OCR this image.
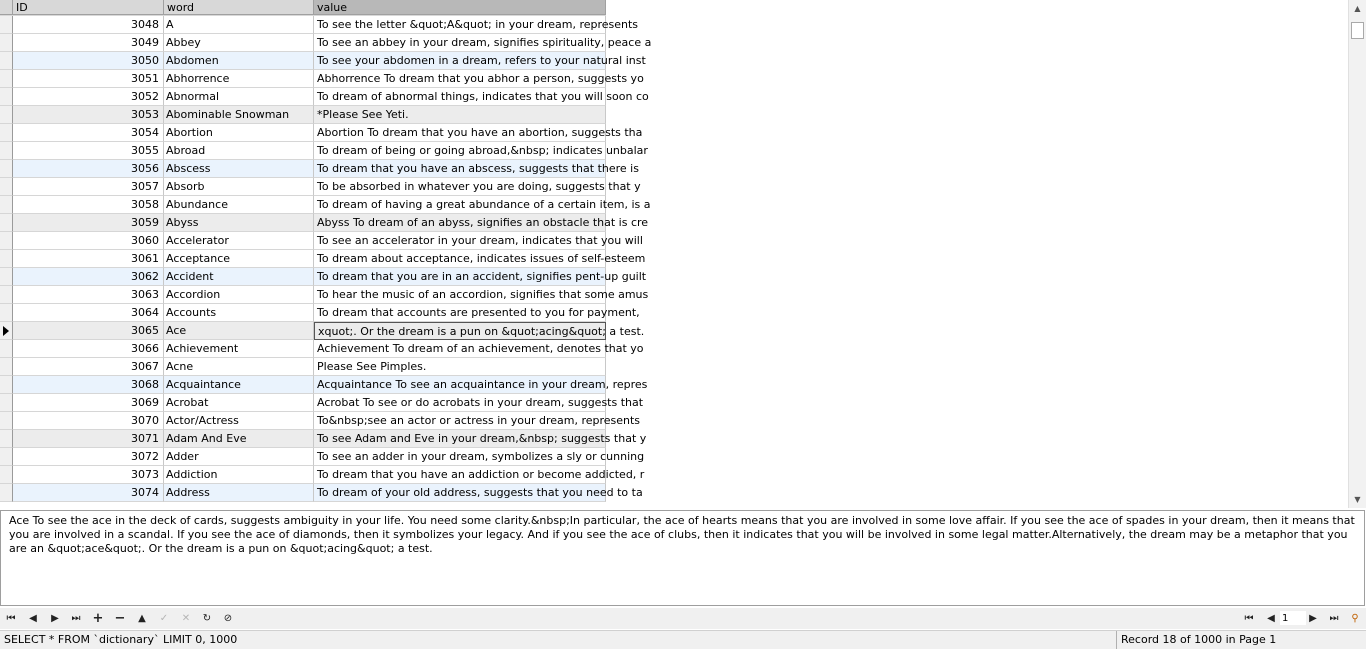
ID	word	value
3048 A	To see the letter &quot;A&quot; in your dream, represents
3049 Abbey	To see an abbey in your dream, signifies spirituality, peace a
3050 Abdomen	To see your abdomen in a dream, refers to your natural inst
3051 Abhorrence	Abhorrence To dream that you abhor a person, suggests yo
3052 Abnormal	To dream of abnormal things, indicates that you will soon co
3053 Abominable Snowman	*Please See Yeti.
3054 Abortion	Abortion To dream that you have an abortion, suggests tha
3055 Abroad	To dream of being or going abroad,&nbsp; indicates unbalar
3056 Abscess	To dream that you have an abscess, suggests that there is
3057 Absorb	To be absorbed in whatever you are doing, suggests that y
3058 Abundance	To dream of having a great abundance of a certain item, is a
3059 Abyss	Abyss To dream of an abyss, signifies an obstacle that is cre
3060 Accelerator	To see an accelerator in your dream, indicates that you will
3061 Acceptance	To dream about acceptance, indicates issues of self-esteem
3062 Accident	To dream that you are in an accident, signifies pent-up guilt
3063 Accordion	To hear the music of an accordion, signifies that some amus
3064 Accounts	To dream that accounts are presented to you for payment,
3065 Ace	xquot;. Or the dream is a pun on &quot;acing&quot; a test.
3066 Achievement	Achievement To dream of an achievement, denotes that yo
3067 Acne	Please See Pimples.
3068 Acquaintance	Acquaintance To see an acquaintance in your dream, repres
3069 Acrobat	Acrobat To see or do acrobats in your dream, suggests that
3070 Actor/Actress	To&nbsp;see an actor or actress in your dream, represents
3071 Adam And Eve	To see Adam and Eve in your dream,&nbsp; suggests that y
3072 Adder	To see an adder in your dream, symbolizes a sly or cunning
3073 Addiction	To dream that you have an addiction or become addicted, r
3074 Address	To dream of your old address, suggests that you need to ta
▲
▼
Ace To see the ace in the deck of cards, suggests ambiguity in your life. You need some clarity.&nbsp;In particular, the ace of hearts means that you are involved in some love affair. If you see the ace of spades in your dream, then it means that you are involved in a scandal. If you see the ace of diamonds, then it symbolizes your legacy. And if you see the ace of clubs, then it indicates that you will be involved in some legal matter.Alternatively, the dream may be a metaphor that you are an &quot;ace&quot;. Or the dream is a pun on &quot;acing&quot; a test.
⏮	◀	▶	⏭ + −	▲	✓	✕	↻	⊘	⏮	◀
1	▶	⏭	⚲
SELECT * FROM `dictionary` LIMIT 0, 1000	Record 18 of 1000 in Page 1
